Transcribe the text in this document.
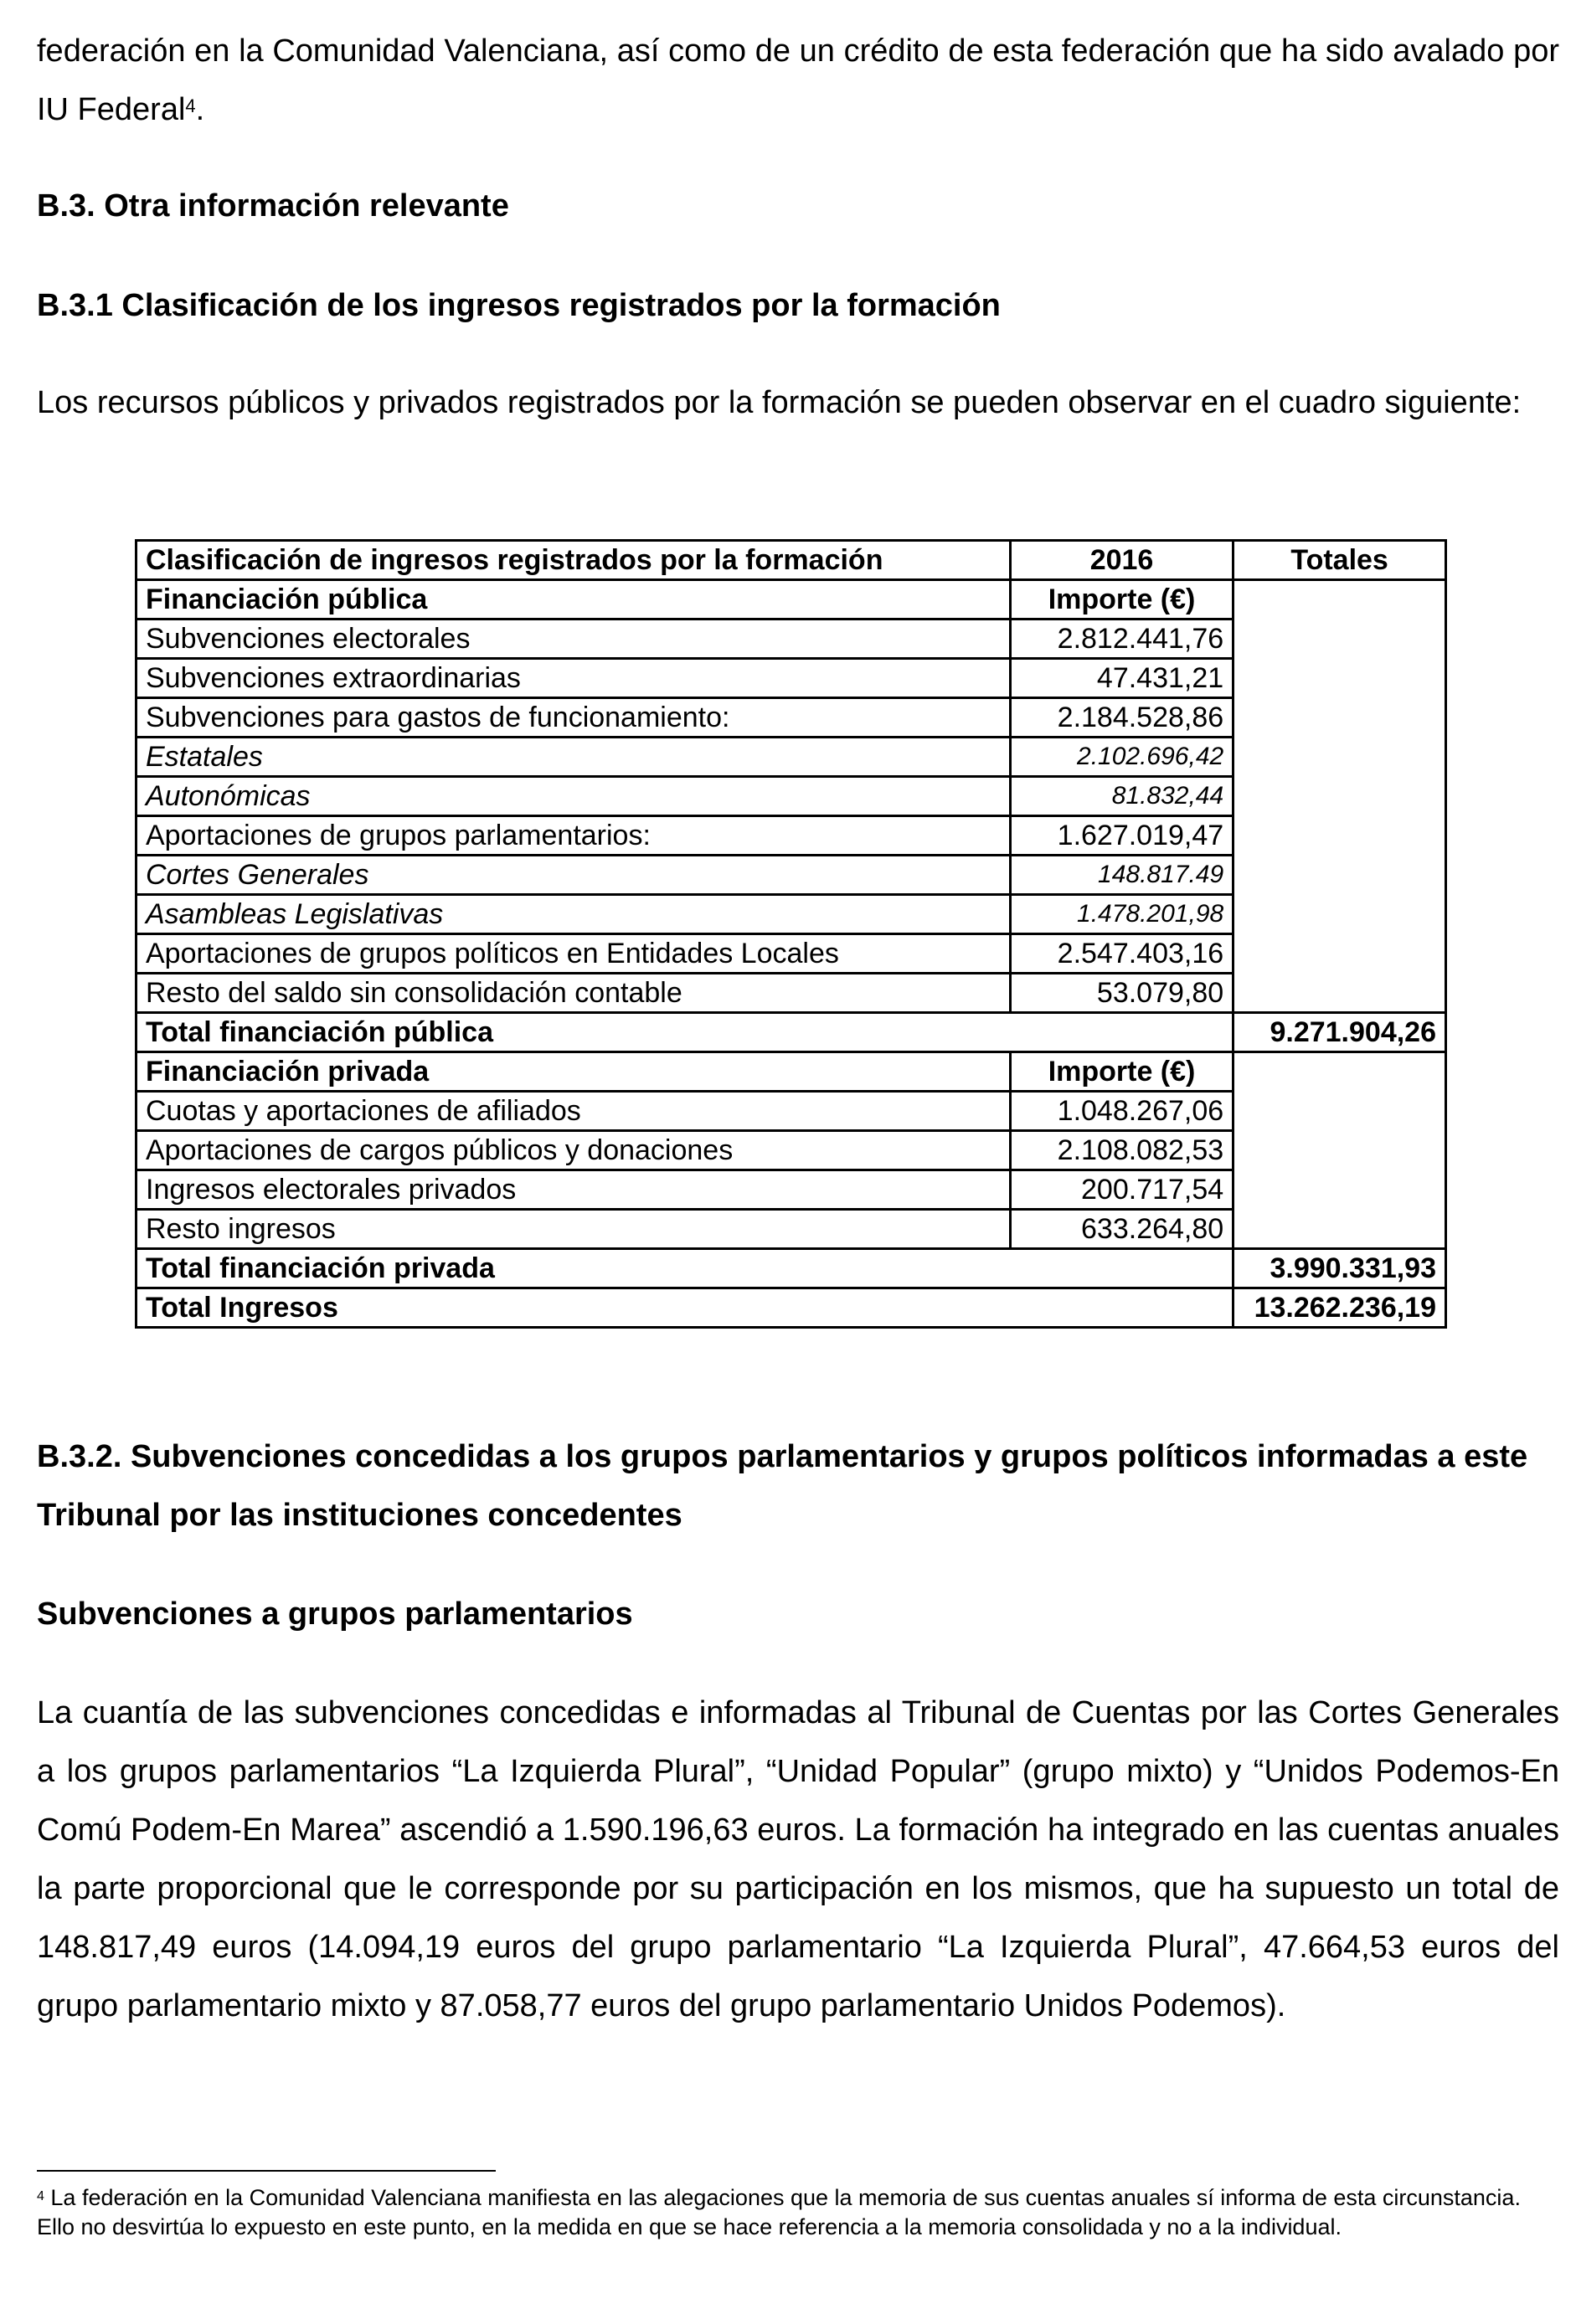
federación en la Comunidad Valenciana, así como de un crédito de esta federación que ha sido avalado por IU Federal$^4$.

B.3. Otra información relevante
B.3.1 Clasificación de los ingresos registrados por la formación

Los recursos públicos y privados registrados por la formación se pueden observar en el cuadro siguiente:

Clasificación de ingresos registrados por la formación	2016	Totales
Financiación pública	Importe (€)	
Subvenciones electorales	2.812.441,76	
Subvenciones extraordinarias	47.431,21	
Subvenciones para gastos de funcionamiento:	2.184.528,86	
Estatales	2.102.696,42	
Autonómicas	81.832,44	
Aportaciones de grupos parlamentarios:	1.627.019,47	
Cortes Generales	148.817.49	
Asambleas Legislativas	1.478.201,98	
Aportaciones de grupos políticos en Entidades Locales	2.547.403,16	
Resto del saldo sin consolidación contable	53.079,80	
Total financiación pública		9.271.904,26
Financiación privada	Importe (€)	
Cuotas y aportaciones de afiliados	1.048.267,06	
Aportaciones de cargos públicos y donaciones	2.108.082,53	
Ingresos electorales privados	200.717,54	
Resto ingresos	633.264,80	
Total financiación privada		3.990.331,93
Total Ingresos		13.262.236,19
B.3.2. Subvenciones concedidas a los grupos parlamentarios y grupos políticos informadas a este Tribunal por las instituciones concedentes
Subvenciones a grupos parlamentarios

La cuantía de las subvenciones concedidas e informadas al Tribunal de Cuentas por las Cortes Generales a los grupos parlamentarios “La Izquierda Plural”, “Unidad Popular” (grupo mixto) y “Unidos Podemos-En Comú Podem-En Marea” ascendió a 1.590.196,63 euros. La formación ha integrado en las cuentas anuales la parte proporcional que le corresponde por su participación en los mismos, que ha supuesto un total de 148.817,49 euros (14.094,19 euros del grupo parlamentario “La Izquierda Plural”, 47.664,53 euros del grupo parlamentario mixto y 87.058,77 euros del grupo parlamentario Unidos Podemos).

$^4$ La federación en la Comunidad Valenciana manifiesta en las alegaciones que la memoria de sus cuentas anuales sí informa de esta circunstancia. Ello no desvirtúa lo expuesto en este punto, en la medida en que se hace referencia a la memoria consolidada y no a la individual.
